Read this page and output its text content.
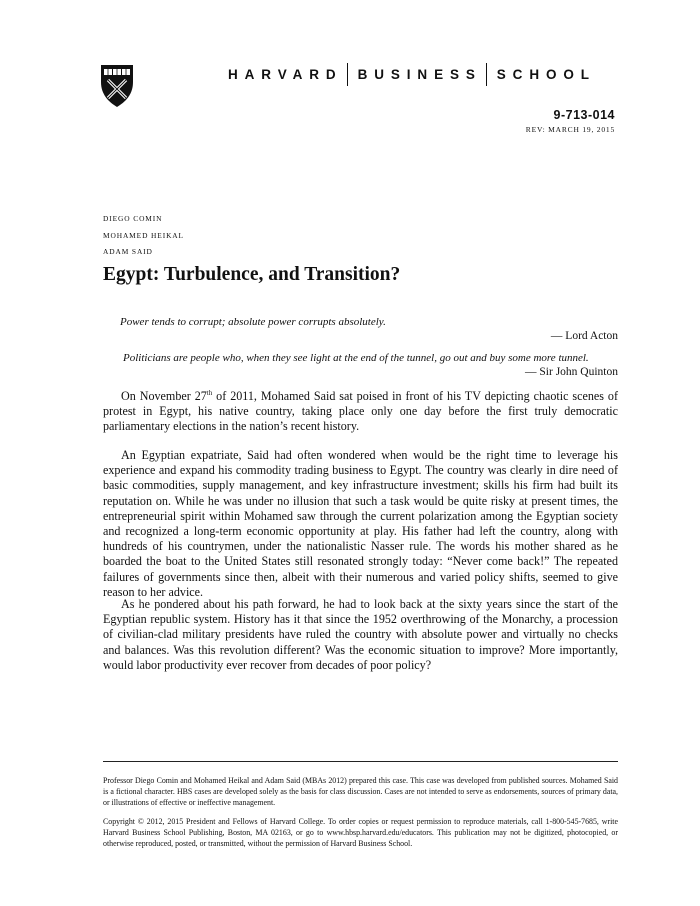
HARVARD BUSINESS SCHOOL
9-713-014
REV: MARCH 19, 2015
DIEGO COMIN
MOHAMED HEIKAL
ADAM SAID
Egypt: Turbulence, and Transition?
Power tends to corrupt; absolute power corrupts absolutely.
— Lord Acton
Politicians are people who, when they see light at the end of the tunnel, go out and buy some more tunnel.
— Sir John Quinton

On November 27th of 2011, Mohamed Said sat poised in front of his TV depicting chaotic scenes of protest in Egypt, his native country, taking place only one day before the first truly democratic parliamentary elections in the nation’s recent history.

An Egyptian expatriate, Said had often wondered when would be the right time to leverage his experience and expand his commodity trading business to Egypt. The country was clearly in dire need of basic commodities, supply management, and key infrastructure investment; skills his firm had built its reputation on. While he was under no illusion that such a task would be quite risky at present times, the entrepreneurial spirit within Mohamed saw through the current polarization among the Egyptian society and recognized a long-term economic opportunity at play. His father had left the country, along with hundreds of his countrymen, under the nationalistic Nasser rule. The words his mother shared as he boarded the boat to the United States still resonated strongly today: “Never come back!” The repeated failures of governments since then, albeit with their numerous and varied policy shifts, seemed to give reason to her advice.

As he pondered about his path forward, he had to look back at the sixty years since the start of the Egyptian republic system. History has it that since the 1952 overthrowing of the Monarchy, a procession of civilian-clad military presidents have ruled the country with absolute power and virtually no checks and balances. Was this revolution different? Was the economic situation to improve? More importantly, would labor productivity ever recover from decades of poor policy?

Professor Diego Comin and Mohamed Heikal and Adam Said (MBAs 2012) prepared this case. This case was developed from published sources. Mohamed Said is a fictional character. HBS cases are developed solely as the basis for class discussion. Cases are not intended to serve as endorsements, sources of primary data, or illustrations of effective or ineffective management.

Copyright © 2012, 2015 President and Fellows of Harvard College. To order copies or request permission to reproduce materials, call 1-800-545-7685, write Harvard Business School Publishing, Boston, MA 02163, or go to www.hbsp.harvard.edu/educators. This publication may not be digitized, photocopied, or otherwise reproduced, posted, or transmitted, without the permission of Harvard Business School.
